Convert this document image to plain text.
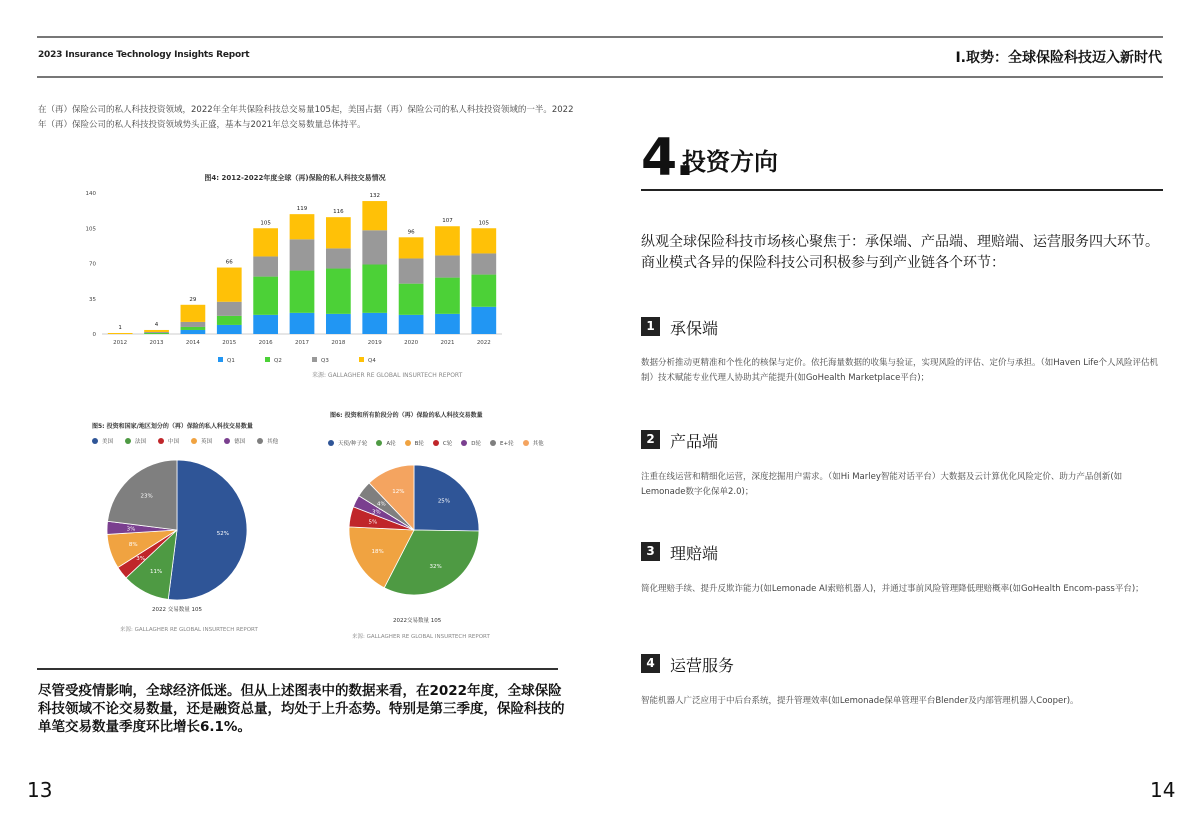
2023 Insurance Technology Insights Report	Ⅰ.取势：全球保险科技迈入新时代
在（再）保险公司的私人科技投资领域，2022年全年共保险科技总交易量105起，美国占据（再）保险公司的私人科技投资领域的一半。2022年（再）保险公司的私人科技投资领域势头正盛，基本与2021年总交易数量总体持平。
图4: 2012-2022年度全球（再)保险的私人科技交易情况
0
35
70
105
140
1
2012
4
2013
29
2014
66
2015
105
2016
119
2017
116
2018
132
2019
96
2020
107
2021
105
2022
Q1	Q2	Q3	Q4
来源: GALLAGHER RE GLOBAL INSURTECH REPORT
图5: 投资和国家/地区划分的（再）保险的私人科技交易数量
美国	法国	中国	英国	德国	其他
52%
11%
3%
8%
3%
23%
2022 交易数量 105
来源: GALLAGHER RE GLOBAL INSURTECH REPORT
图6: 投资和所有阶段分的（再）保险的私人科技交易数量
天使/种子轮	A轮	B轮	C轮	D轮	E+轮	其他
25%
32%
18%
5%
3%
4%
12%
2022交易数量 105
来源: GALLAGHER RE GLOBAL INSURTECH REPORT
尽管受疫情影响，全球经济低迷。但从上述图表中的数据来看，在2022年度，全球保险科技领域不论交易数量，还是融资总量，均处于上升态势。特别是第三季度，保险科技的单笔交易数量季度环比增长6.1%。
13
4.
投资方向
纵观全球保险科技市场核心聚焦于：承保端、产品端、理赔端、运营服务四大环节。商业模式各异的保险科技公司积极参与到产业链各个环节：
1 承保端
数据分析推动更精准和个性化的核保与定价。依托海量数据的收集与验证，实现风险的评估、定价与承担。（如Haven Life个人风险评估机制）技术赋能专业代理人协助其产能提升(如GoHealth Marketplace平台)；
2 产品端
注重在线运营和精细化运营，深度挖掘用户需求。（如Hi Marley智能对话平台）大数据及云计算优化风险定价、助力产品创新(如Lemonade数字化保单2.0)；
3 理赔端
简化理赔手续、提升反欺诈能力(如Lemonade AI索赔机器人)，并通过事前风险管理降低理赔概率(如GoHealth Encom-pass平台)；
4 运营服务
智能机器人广泛应用于中后台系统，提升管理效率(如Lemonade保单管理平台Blender及内部管理机器人Cooper)。
14
